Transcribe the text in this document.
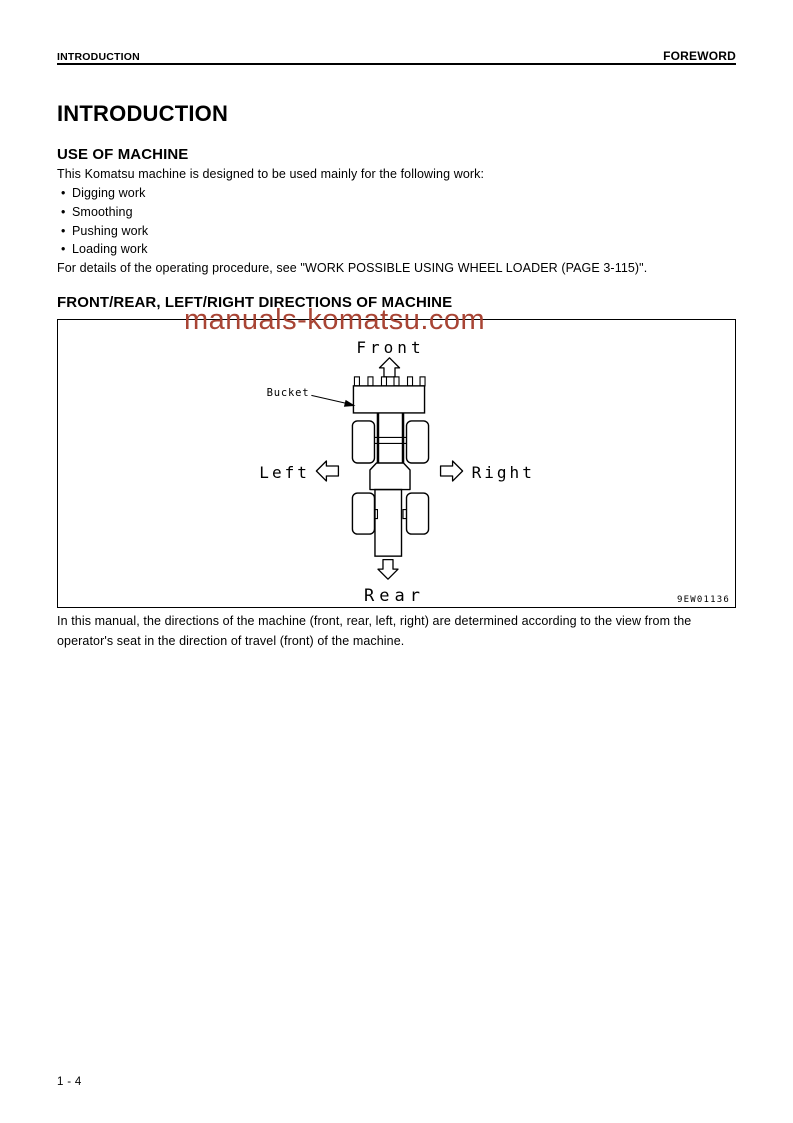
INTRODUCTION	FOREWORD
INTRODUCTION
USE OF MACHINE

This Komatsu machine is designed to be used mainly for the following work:

• Digging work
• Smoothing
• Pushing work
• Loading work

For details of the operating procedure, see "WORK POSSIBLE USING WHEEL LOADER (PAGE 3-115)".

FRONT/REAR, LEFT/RIGHT DIRECTIONS OF MACHINE
manuals-komatsu.com
Front
Bucket
Left	Right
Rear	9EW01136

In this manual, the directions of the machine (front, rear, left, right) are determined according to the view from the operator's seat in the direction of travel (front) of the machine.

1 - 4
